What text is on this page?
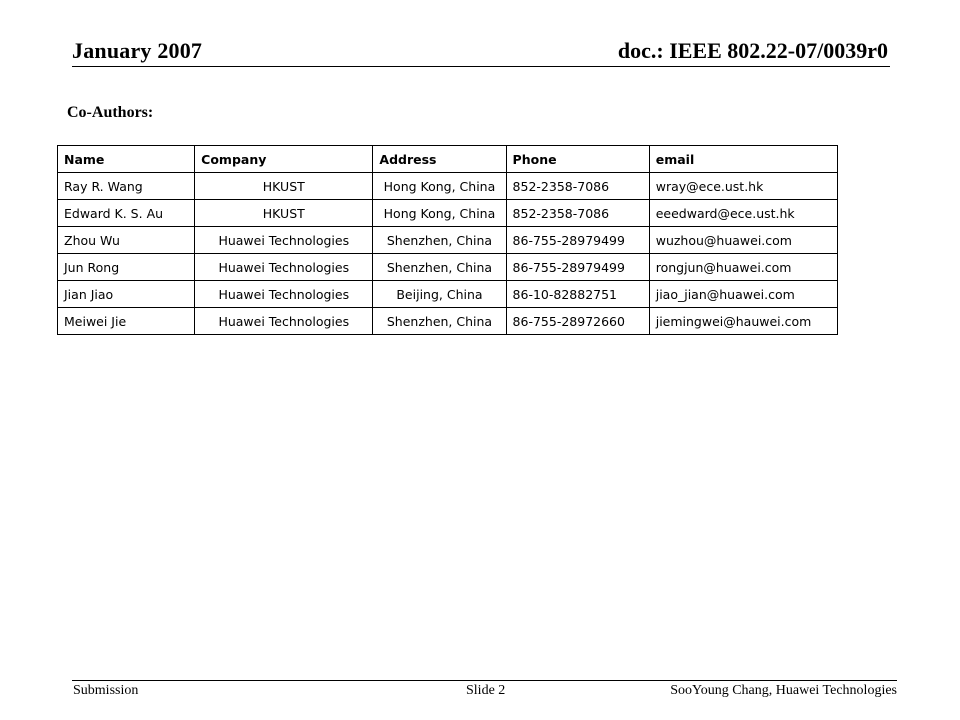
January 2007	doc.: IEEE 802.22-07/0039r0
Co-Authors:
Name	Company	Address	Phone	email
Ray R. Wang	HKUST	Hong Kong, China	852-2358-7086	wray@ece.ust.hk
Edward K. S. Au	HKUST	Hong Kong, China	852-2358-7086	eeedward@ece.ust.hk
Zhou Wu	Huawei Technologies	Shenzhen, China	86-755-28979499	wuzhou@huawei.com
Jun Rong	Huawei Technologies	Shenzhen, China	86-755-28979499	rongjun@huawei.com
Jian Jiao	Huawei Technologies	Beijing, China	86-10-82882751	jiao_jian@huawei.com
Meiwei Jie	Huawei Technologies	Shenzhen, China	86-755-28972660	jiemingwei@hauwei.com
Submission	Slide 2	SooYoung Chang, Huawei Technologies
